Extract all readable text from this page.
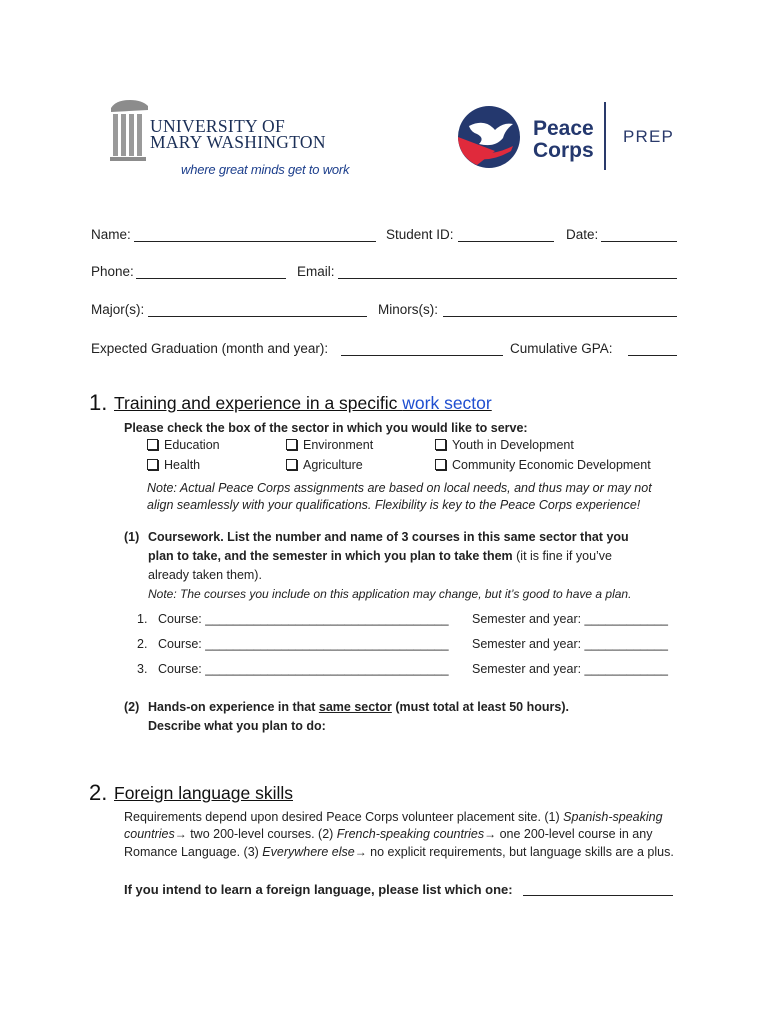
UNIVERSITY OF
MARY WASHINGTON
where great minds get to work
Peace
Corps
PREP
Name:	Student ID:	Date:
Phone:	Email:
Major(s):	Minors(s):
Expected Graduation (month and year):	Cumulative GPA:
1. Training and experience in a specific work sector
Please check the box of the sector in which you would like to serve:
Education	Environment	Youth in Development
Health	Agriculture	Community Economic Development
Note: Actual Peace Corps assignments are based on local needs, and thus may or may not
align seamlessly with your qualifications. Flexibility is key to the Peace Corps experience!
(1) Coursework. List the number and name of 3 courses in this same sector that you
plan to take, and the semester in which you plan to take them (it is fine if you’ve
already taken them).
Note: The courses you include on this application may change, but it’s good to have a plan.
1. Course: ___________________________________ Semester and year: ____________
2. Course: ___________________________________ Semester and year: ____________
3. Course: ___________________________________ Semester and year: ____________
(2) Hands-on experience in that same sector (must total at least 50 hours).
Describe what you plan to do:
2. Foreign language skills
Requirements depend upon desired Peace Corps volunteer placement site. (1) Spanish-speaking
countries→ two 200-level courses. (2) French-speaking countries→ one 200-level course in any
Romance Language. (3) Everywhere else→ no explicit requirements, but language skills are a plus.
If you intend to learn a foreign language, please list which one:
